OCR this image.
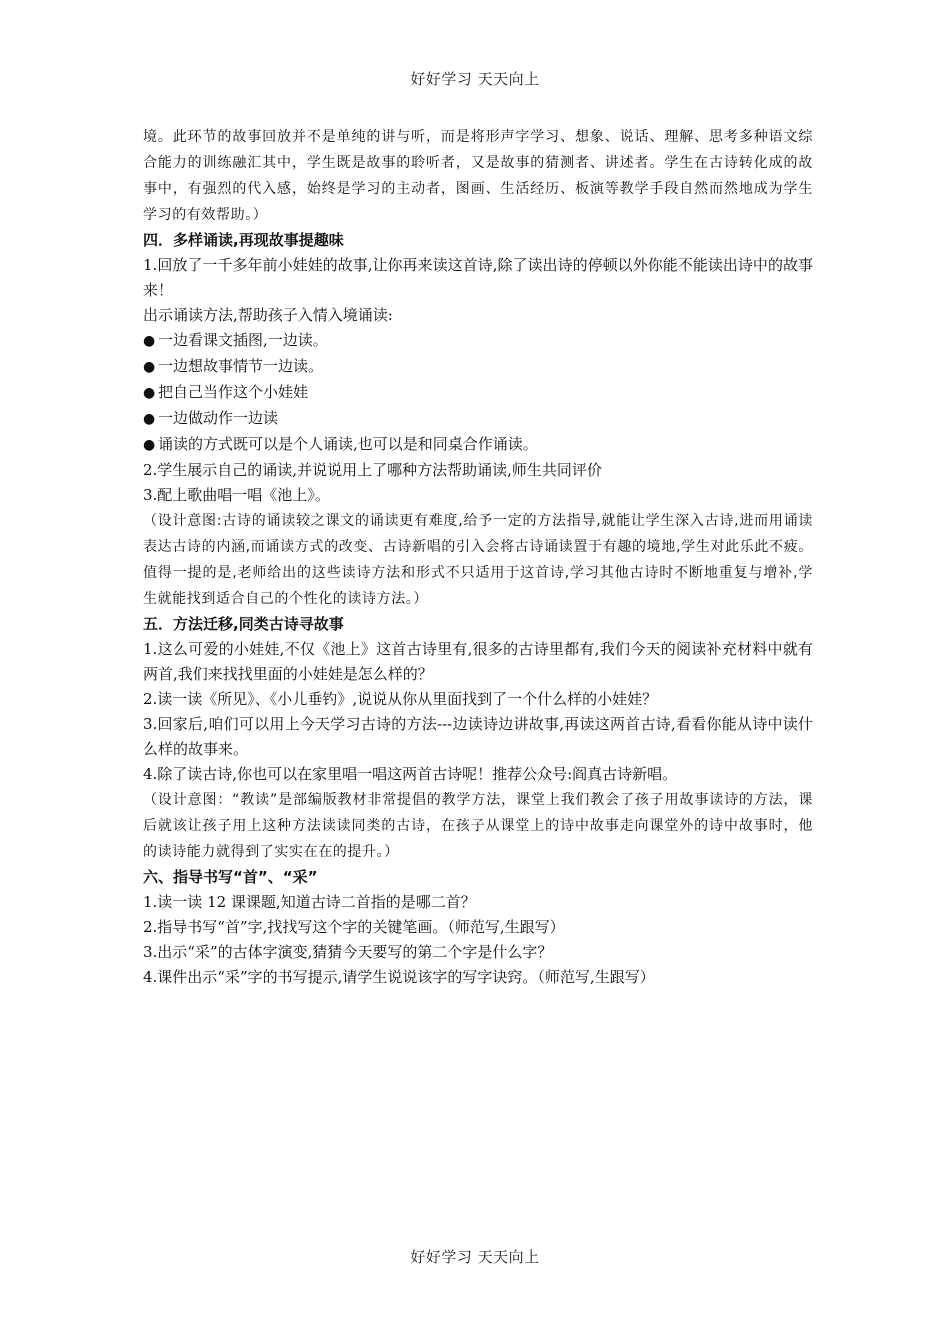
好好学习 天天向上

境。此环节的故事回放并不是单纯的讲与听，而是将形声字学习、想象、说话、理解、思考多种语文综合能力的训练融汇其中，学生既是故事的聆听者，又是故事的猜测者、讲述者。学生在古诗转化成的故事中，有强烈的代入感，始终是学习的主动者，图画、生活经历、板演等教学手段自然而然地成为学生学习的有效帮助。）

四．多样诵读,再现故事提趣味

1.回放了一千多年前小娃娃的故事,让你再来读这首诗,除了读出诗的停顿以外你能不能读出诗中的故事来！

出示诵读方法,帮助孩子入情入境诵读:

● 一边看课文插图,一边读。

● 一边想故事情节一边读。

● 把自己当作这个小娃娃

● 一边做动作一边读

● 诵读的方式既可以是个人诵读,也可以是和同桌合作诵读。

2.学生展示自己的诵读,并说说用上了哪种方法帮助诵读,师生共同评价

3.配上歌曲唱一唱《池上》。

（设计意图:古诗的诵读较之课文的诵读更有难度,给予一定的方法指导,就能让学生深入古诗,进而用诵读表达古诗的内涵,而诵读方式的改变、古诗新唱的引入会将古诗诵读置于有趣的境地,学生对此乐此不疲。值得一提的是,老师给出的这些读诗方法和形式不只适用于这首诗,学习其他古诗时不断地重复与增补,学生就能找到适合自己的个性化的读诗方法。）

五．方法迁移,同类古诗寻故事

1.这么可爱的小娃娃,不仅《池上》这首古诗里有,很多的古诗里都有,我们今天的阅读补充材料中就有两首,我们来找找里面的小娃娃是怎么样的？

2.读一读《所见》、《小儿垂钓》,说说从你从里面找到了一个什么样的小娃娃？

3.回家后,咱们可以用上今天学习古诗的方法---边读诗边讲故事,再读这两首古诗,看看你能从诗中读什么样的故事来。

4.除了读古诗,你也可以在家里唱一唱这两首古诗呢！推荐公众号:阎真古诗新唱。

（设计意图：“教读”是部编版教材非常提倡的教学方法，课堂上我们教会了孩子用故事读诗的方法，课后就该让孩子用上这种方法读读同类的古诗，在孩子从课堂上的诗中故事走向课堂外的诗中故事时，他的读诗能力就得到了实实在在的提升。）

六、指导书写“首”、“采”

1.读一读 12 课课题,知道古诗二首指的是哪二首？

2.指导书写“首”字,找找写这个字的关键笔画。（师范写,生跟写）

3.出示“采”的古体字演变,猜猜今天要写的第二个字是什么字？

4.课件出示“采”字的书写提示,请学生说说该字的写字诀窍。（师范写,生跟写）

好好学习 天天向上
